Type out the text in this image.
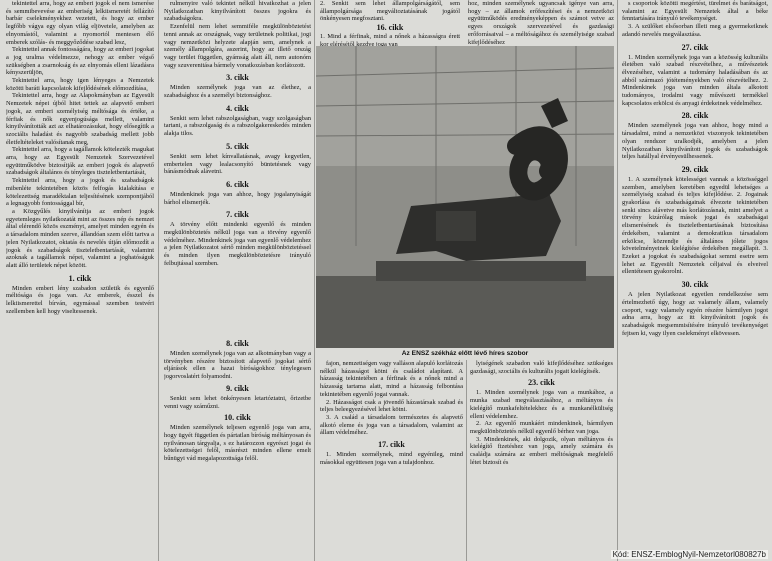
tekintettel arra, hogy az emberi jogok el nem ismerése és semmibevevése az emberiség lelkiismeretét fellázító barbár cselekményekhez vezetett, és hogy az ember legfőbb vágya egy olyan világ eljövetele, amelyben az elnyomástól, valamint a nyomortól mentesen élő emberek szólás- és meggyőződése szabad lesz,

Tekintettel annak fontosságára, hogy az emberi jogokat a jog uralma védelmezze, nehogy az ember végső szükségben a zsarnokság és az elnyomás elleni lázadásra kényszerüljön,

Tekintettel arra, hogy igen lényeges a Nemzetek közötti baráti kapcsolatok kifejlődésének előmozdítása,

Tekintettel arra, hogy az Alapokmányban az Egyesült Nemzetek népei újból hitet tettek az alapvető emberi jogok, az emberi személyiség méltósága és értéke, a férfiak és nők egyenjogúsága mellett, valamint kinyilvánították azt az elhatározásukat, hogy elősegítik a szociális haladást és nagyobb szabadság mellett jobb életfeltételeket valósítanak meg,

Tekintettel arra, hogy a tagállamok kötelezték magukat arra, hogy az Egyesült Nemzetek Szervezetével együttműködve biztosítják az emberi jogok és alapvető szabadságok általános és tényleges tiszteletbentartását,

Tekintettel arra, hogy a jogok és szabadságok mibenléte tekintetében közös felfogás kialakítása e kötelezettség maradéktalan teljesítésének szempontjából a legnagyobb fontossággal bír,

a Közgyűlés kinyilvánítja az emberi jogok egyetemleges nyilatkozatát mint az összes nép és nemzet által elérendő közös eszményt, amelyet minden egyén és a társadalom minden szerve, állandóan szem előtt tartva a jelen Nyilatkozatot, oktatás és nevelés útján előmozdít a jogok és szabadságok tiszteletbentartását, valamint azoknak a tagállamok népei, valamint a joghatóságuk alatt álló területek népei között.

1. cikk

Minden emberi lény szabadon születik és egyenlő méltósága és joga van. Az emberek, ésszel és lelkiismerettel bírván, egymással szemben testvéri szellemben kell hogy viseltessenek.

rulmenyire való tekintet nélkül hivatkozhat a jelen Nyilatkozatban kinyilvánított összes jogokra és szabadságokra.

Ezenfelül nem lehet semmiféle megkülönböztetést tenni annak az országnak, vagy területnek politikai, jogi vagy nemzetközi helyzete alapján sem, amelynek a személy állampolgára, aszerint, hogy az illető ország vagy terület független, gyámság alatt áll, nem autonóm vagy szuverenitása bármely vonatkozásban korlátozott.

3. cikk

Minden személynek joga van az élethez, a szabadsághoz és a személyi biztonsághoz.

4. cikk

Senkit sem lehet rabszolgaságban, vagy szolgaságban tartani, a rabszolgaság és a rabszolgakereskedés minden alakja tilos.

5. cikk

Senkit sem lehet kínvallatásnak, avagy kegyetlen, embertelen vagy lealacsonyító büntetésnek vagy bánásmódnak alávetni.

6. cikk

Mindenkinek joga van ahhoz, hogy jogalanyiságát bárhol elismerjék.

7. cikk

A törvény előtt mindenki egyenlő és minden megkülönböztetés nélkül joga van a törvény egyenlő védelméhez. Mindenkinek joga van egyenlő védelemhez a jelen Nyilatkozatot sértő minden megkülönböztetéssel és minden ilyen megkülönböztetésre irányuló felbujtással szemben.

8. cikk

Minden személynek joga van az alkotmányban vagy a törvényben részére biztosított alapvető jogokat sértő eljárások ellen a hazai bíróságokhoz ténylegesen jogorvoslatért folyamodni.

9. cikk

Senkit sem lehet önkényesen letartóztatni, őrizetbe venni vagy száműzni.

10. cikk

Minden személynek teljesen egyenlő joga van arra, hogy ügyét független és pártatlan bíróság méltányosan és nyilvánosan tárgyalja, s ez határozzon egyrészt jogai és kötelezettségei felől, másrészt minden ellene emelt bűnügyi vád megalapozottsága felől.

2. Senkit sem lehet állampolgárságától, sem állampolgársága megváltoztatásának jogától önkényesen megfosztani.

16. cikk

1. Mind a férfinak, mind a nőnek a házasságra érett kor elérésétől kezdve joga van

hoz, minden személynek ugyancsak igénye van arra, hogy – az államok erőfeszítései és a nemzetközi együttműködés eredményeképpen és számot vetve az egyes országok szervezetével és gazdasági erőforrásaival – a méltóságához és személyisége szabad kifejlődéséhez

Az ENSZ székház előtt lévő híres szobor

fajon, nemzetiségen vagy valláson alapuló korlátozás nélkül házasságot kötni és családot alapítani. A házasság tekintetében a férfinak és a nőnek mind a házasság tartama alatt, mind a házasság felbontása tekintetében egyenlő jogai vannak.

2. Házasságot csak a jövendő házastársak szabad és teljes beleegyezésével lehet kötni.

3. A család a társadalom természetes és alapvető alkotó eleme és joga van a társadalom, valamint az állam védelméhez.

17. cikk

1. Minden személynek, mind egyénileg, mind másokkal együttesen joga van a tulajdonhoz.

lyiségének szabadon való kifejlődéséhez szükséges gazdasági, szociális és kulturális jogait kielégítsék.

23. cikk

1. Minden személynek joga van a munkához, a munka szabad megválasztásához, a méltányos és kielégítő munkafeltételekhez és a munkanélküliség elleni védelemhez.

2. Az egyenlő munkáért mindenkinek, bármilyen megkülönböztetés nélkül egyenlő bérhez van joga.

3. Mindenkinek, aki dolgozik, olyan méltányos és kielégítő fizetéshez van joga, amely számára és családja számára az emberi méltóságnak megfelelő létet biztosít és

s csoportok közötti megértést, türelmet és barátságot, valamint az Egyesült Nemzetek által a béke fenntartására irányuló tevékenységet.

3. A szülőket elsősorban illeti meg a gyermekeiknek adandó nevelés megválasztása.

27. cikk

1. Minden személynek joga van a közösség kulturális életében való szabad részvételhez, a művészetek élvezéséhez, valamint a tudomány haladásában és az abból származó jótéteményekben való részvételhez. 2. Mindenkinek joga van minden általa alkotott tudományos, irodalmi vagy művészeti termékkel kapcsolatos erkölcsi és anyagi érdekeinek védelméhez.

28. cikk

Minden személynek joga van ahhoz, hogy mind a társadalmi, mind a nemzetközi viszonyok tekintetében olyan rendszer uralkodjék, amelyben a jelen Nyilatkozatban kinyilvánított jogok és szabadságok teljes hatállyal érvényesülhessenek.

29. cikk

1. A személynek kötelességei vannak a közösséggel szemben, amelyben keretében egyedül lehetséges a személyiség szabad és teljes kifejlődése. 2. Jogainak gyakorlása és szabadságainak élvezete tekintetében senki sincs alávetve más korlátozásnak, mint amelyet a törvény kizárólag mások jogai és szabadságai elismerésének és tiszteletbentartásának biztosítása érdekében, valamint a demokratikus társadalom erkölcse, közrendje és általános jólete jogos követelményeinek kielégítése érdekében megállapít. 3. Ezeket a jogokat és szabadságokat semmi esetre sem lehet az Egyesült Nemzetek céljaival és elveivel ellentétesen gyakorolni.

30. cikk

A jelen Nyilatkozat egyetlen rendelkezése sem értelmezhető úgy, hogy az valamely állam, valamely csoport, vagy valamely egyén részére bármilyen jogot adna arra, hogy az itt kinyilvánított jogok és szabadságok megsemmisítésére irányuló tevékenységet fejtsen ki, vagy ilyen cselekményt elkövessen.

Kód: ENSZ-EmblogNyil-Nemzetorl080827b
